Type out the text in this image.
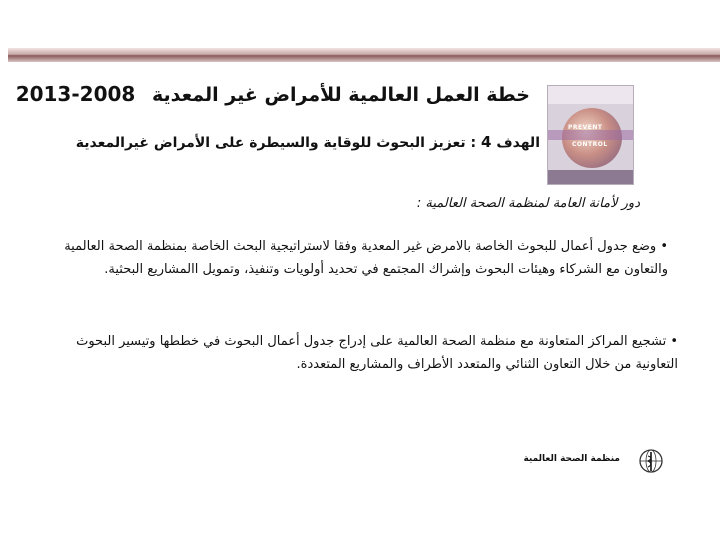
PREVENT
CONTROL
خطة العمل العالمية للأمراض غير المعدية 2013-2008
الهدف 4 : تعزيز البحوث للوقاية والسيطرة على الأمراض غيرالمعدية
دور لأمانة العامة لمنظمة الصحة العالمية :
• وضع جدول أعمال للبحوث الخاصة بالامرض غير المعدية وفقا لاستراتيجية البحث الخاصة بمنظمة الصحة العالمية والتعاون مع الشركاء وهيئات البحوث وإشراك المجتمع في تحديد أولويات وتنفيذ، وتمويل االمشاريع البحثية.
• تشجيع المراكز المتعاونة مع منظمة الصحة العالمية على إدراج جدول أعمال البحوث في خططها وتيسير البحوث التعاونية من خلال التعاون الثنائي والمتعدد الأطراف والمشاريع المتعددة.
منظمة الصحة العالمية
